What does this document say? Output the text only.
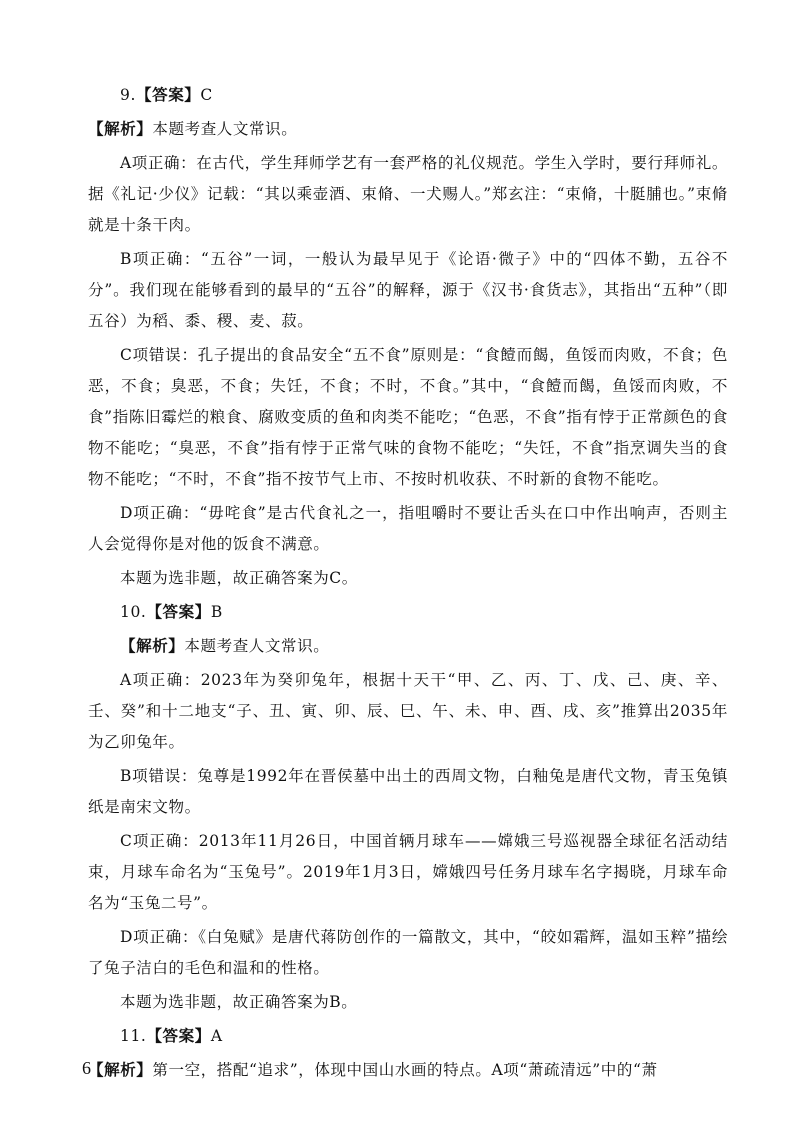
9.【答案】C

【解析】本题考查人文常识。

A项正确：在古代，学生拜师学艺有一套严格的礼仪规范。学生入学时，要行拜师礼。据《礼记·少仪》记载：“其以乘壶酒、束脩、一犬赐人。”郑玄注：“束脩，十脡脯也。”束脩就是十条干肉。

B项正确：“五谷”一词，一般认为最早见于《论语·微子》中的“四体不勤，五谷不分”。我们现在能够看到的最早的“五谷”的解释，源于《汉书·食货志》，其指出“五种”（即五谷）为稻、黍、稷、麦、菽。

C项错误：孔子提出的食品安全“五不食”原则是：“食饐而餲，鱼馁而肉败，不食；色恶，不食；臭恶，不食；失饪，不食；不时，不食。”其中，“食饐而餲，鱼馁而肉败，不食”指陈旧霉烂的粮食、腐败变质的鱼和肉类不能吃；“色恶，不食”指有悖于正常颜色的食物不能吃；“臭恶，不食”指有悖于正常气味的食物不能吃；“失饪，不食”指烹调失当的食物不能吃；“不时，不食”指不按节气上市、不按时机收获、不时新的食物不能吃。

D项正确：“毋咤食”是古代食礼之一，指咀嚼时不要让舌头在口中作出响声，否则主人会觉得你是对他的饭食不满意。

本题为选非题，故正确答案为C。

10.【答案】B

【解析】本题考查人文常识。

A项正确：2023年为癸卯兔年，根据十天干“甲、乙、丙、丁、戊、己、庚、辛、壬、癸”和十二地支“子、丑、寅、卯、辰、巳、午、未、申、酉、戌、亥”推算出2035年为乙卯兔年。

B项错误：兔尊是1992年在晋侯墓中出土的西周文物，白釉兔是唐代文物，青玉兔镇纸是南宋文物。

C项正确：2013年11月26日，中国首辆月球车——嫦娥三号巡视器全球征名活动结束，月球车命名为“玉兔号”。2019年1月3日，嫦娥四号任务月球车名字揭晓，月球车命名为“玉兔二号”。

D项正确：《白兔赋》是唐代蒋防创作的一篇散文，其中，“皎如霜辉，温如玉粹”描绘了兔子洁白的毛色和温和的性格。

本题为选非题，故正确答案为B。

11.【答案】A

【解析】第一空，搭配“追求”，体现中国山水画的特点。A项“萧疏清远”中的“萧

6
